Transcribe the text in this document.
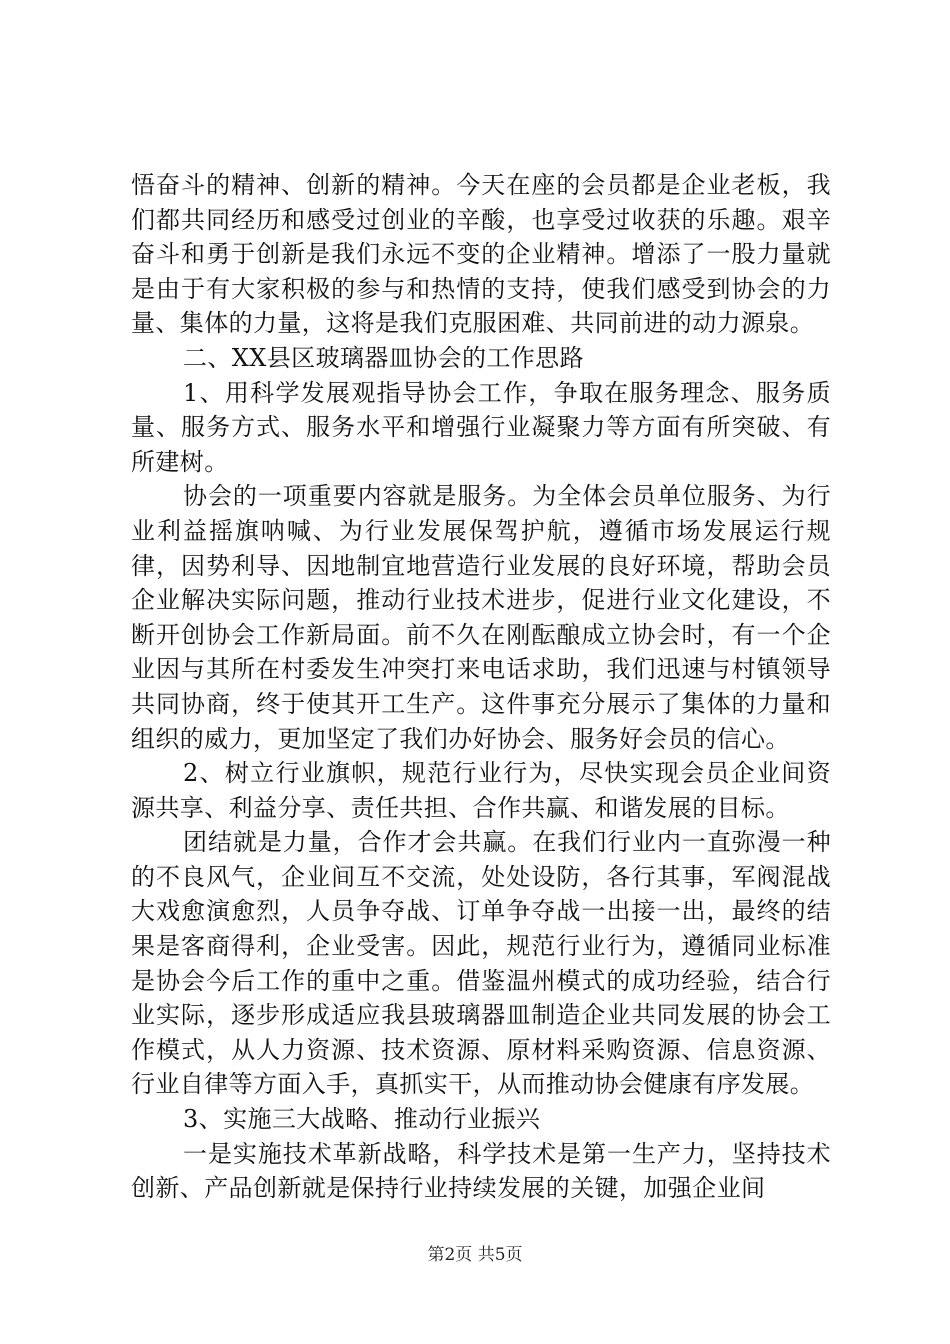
悟奋斗的精神、创新的精神。今天在座的会员都是企业老板，我们都共同经历和感受过创业的辛酸，也享受过收获的乐趣。艰辛奋斗和勇于创新是我们永远不变的企业精神。增添了一股力量就是由于有大家积极的参与和热情的支持，使我们感受到协会的力量、集体的力量，这将是我们克服困难、共同前进的动力源泉。

二、XX县区玻璃器皿协会的工作思路

1、用科学发展观指导协会工作，争取在服务理念、服务质量、服务方式、服务水平和增强行业凝聚力等方面有所突破、有所建树。

协会的一项重要内容就是服务。为全体会员单位服务、为行业利益摇旗呐喊、为行业发展保驾护航，遵循市场发展运行规律，因势利导、因地制宜地营造行业发展的良好环境，帮助会员企业解决实际问题，推动行业技术进步，促进行业文化建设，不断开创协会工作新局面。前不久在刚酝酿成立协会时，有一个企业因与其所在村委发生冲突打来电话求助，我们迅速与村镇领导共同协商，终于使其开工生产。这件事充分展示了集体的力量和组织的威力，更加坚定了我们办好协会、服务好会员的信心。

2、树立行业旗帜，规范行业行为，尽快实现会员企业间资源共享、利益分享、责任共担、合作共赢、和谐发展的目标。

团结就是力量，合作才会共赢。在我们行业内一直弥漫一种的不良风气，企业间互不交流，处处设防，各行其事，军阀混战大戏愈演愈烈，人员争夺战、订单争夺战一出接一出，最终的结果是客商得利，企业受害。因此，规范行业行为，遵循同业标准是协会今后工作的重中之重。借鉴温州模式的成功经验，结合行业实际，逐步形成适应我县玻璃器皿制造企业共同发展的协会工作模式，从人力资源、技术资源、原材料采购资源、信息资源、行业自律等方面入手，真抓实干，从而推动协会健康有序发展。

3、实施三大战略、推动行业振兴

一是实施技术革新战略，科学技术是第一生产力，坚持技术创新、产品创新就是保持行业持续发展的关键，加强企业间

第2页 共5页
